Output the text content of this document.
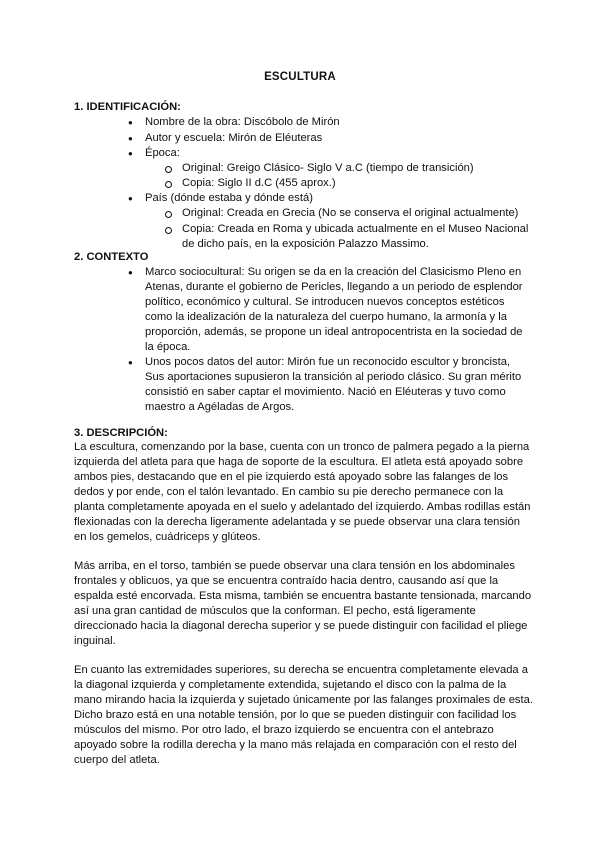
ESCULTURA
1. IDENTIFICACIÓN:
● Nombre de la obra: Discóbolo de Mirón
● Autor y escuela: Mirón de Eléuteras
● Época:
Original: Greigo Clásico- Siglo V a.C (tiempo de transición)
Copia: Siglo II d.C (455 aprox.)
● País (dónde estaba y dónde está)
Original: Creada en Grecia (No se conserva el original actualmente)
Copia: Creada en Roma y ubicada actualmente en el Museo Nacional
de dicho país, en la exposición Palazzo Massimo.
2. CONTEXTO
● Marco sociocultural: Su origen se da en la creación del Clasicismo Pleno en
Atenas, durante el gobierno de Pericles, llegando a un periodo de esplendor
político, económico y cultural. Se introducen nuevos conceptos estéticos
como la idealización de la naturaleza del cuerpo humano, la armonía y la
proporción, además, se propone un ideal antropocentrista en la sociedad de
la época.
● Unos pocos datos del autor: Mirón fue un reconocido escultor y broncista,
Sus aportaciones supusieron la transición al periodo clásico. Su gran mérito
consistió en saber captar el movimiento. Nació en Eléuteras y tuvo como
maestro a Agéladas de Argos.
3. DESCRIPCIÓN:
La escultura, comenzando por la base, cuenta con un tronco de palmera pegado a la pierna
izquierda del atleta para que haga de soporte de la escultura. El atleta está apoyado sobre
ambos pies, destacando que en el pie izquierdo está apoyado sobre las falanges de los
dedos y por ende, con el talón levantado. En cambio su pie derecho permanece con la
planta completamente apoyada en el suelo y adelantado del izquierdo. Ambas rodillas están
flexionadas con la derecha ligeramente adelantada y se puede observar una clara tensión
en los gemelos, cuádriceps y glúteos.
Más arriba, en el torso, también se puede observar una clara tensión en los abdominales
frontales y oblicuos, ya que se encuentra contraído hacia dentro, causando así que la
espalda esté encorvada. Esta misma, también se encuentra bastante tensionada, marcando
así una gran cantidad de músculos que la conforman. El pecho, está ligeramente
direccionado hacia la diagonal derecha superior y se puede distinguir con facilidad el pliege
inguinal.
En cuanto las extremidades superiores, su derecha se encuentra completamente elevada a
la diagonal izquierda y completamente extendida, sujetando el disco con la palma de la
mano mirando hacia la izquierda y sujetado únicamente por las falanges proximales de esta.
Dicho brazo está en una notable tensión, por lo que se pueden distinguir con facilidad los
músculos del mismo. Por otro lado, el brazo izquierdo se encuentra con el antebrazo
apoyado sobre la rodilla derecha y la mano más relajada en comparación con el resto del
cuerpo del atleta.
